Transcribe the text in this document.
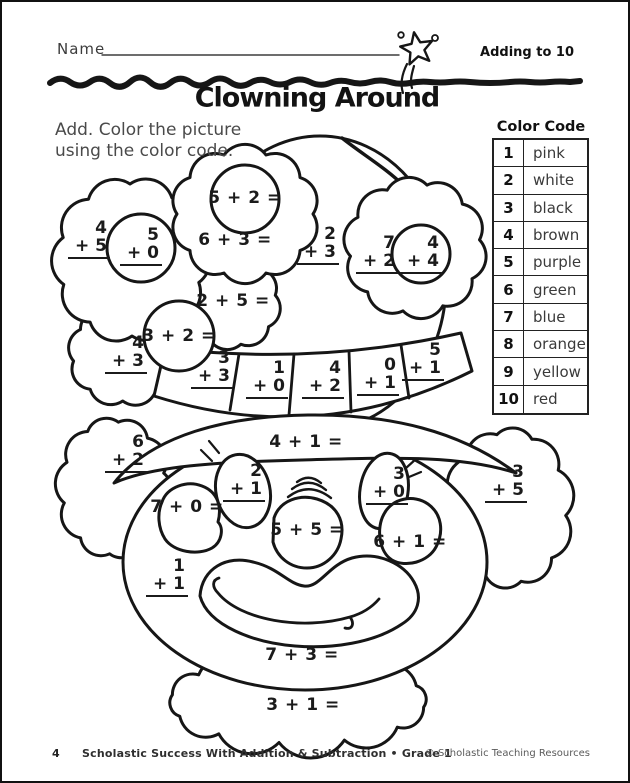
Name	Adding to 10
Clowning Around
Add. Color the picture
using the color code.
Color Code
1	pink
2	white
3	black
4	brown
5	purple
6	green
7	blue
8	orange
9	yellow
10 red
4
+ 5
5
+ 0
2
+ 3	7
+ 2
4
+ 4
4
+ 3	3
+ 3	1
+ 0
4
+ 2
0
+ 1
5
+ 1
6
+ 2
2
+ 1
3
+ 0
1
+ 1
3
+ 5
5 + 2 =
6 + 3 =
2 + 5 =
3 + 2 =
4 + 1 =
7 + 0 =
5 + 5 =
6 + 1 =
7 + 3 =
3 + 1 =
4 Scholastic Success With Addition & Subtraction • Grade 1
© Scholastic Teaching Resources
